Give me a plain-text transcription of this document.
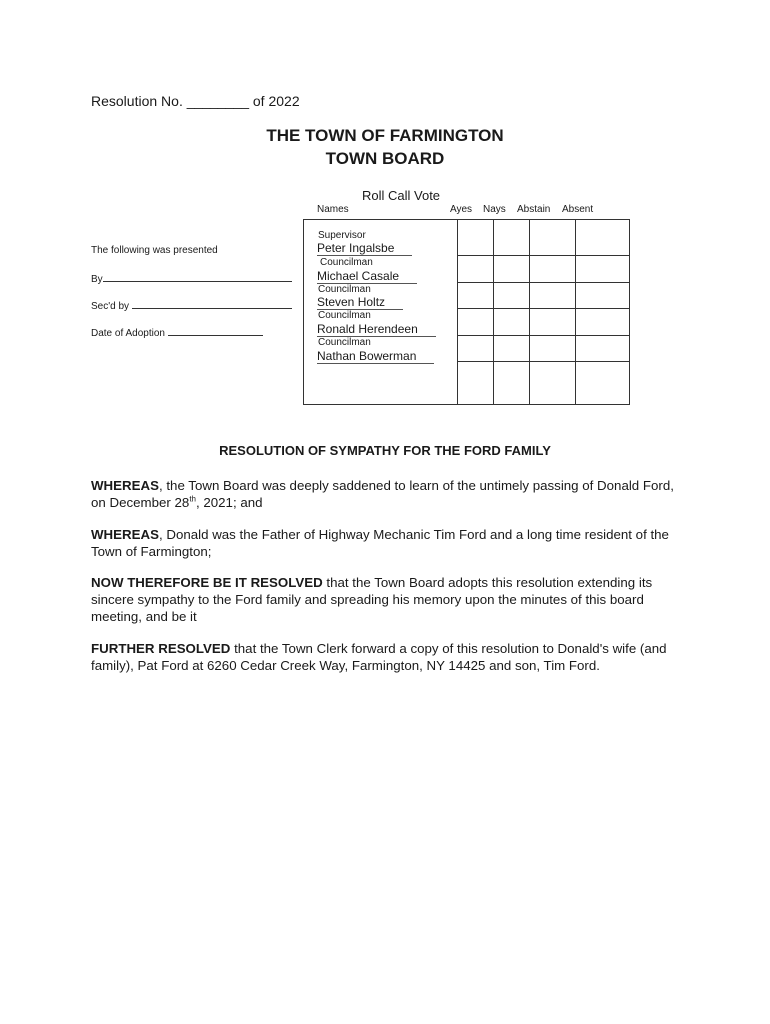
Resolution No. ________ of 2022
THE TOWN OF FARMINGTON
TOWN BOARD
Roll Call Vote
Names	Ayes Nays Abstain Absent
Supervisor
Peter Ingalsbe
Councilman
Michael Casale
Councilman
Steven Holtz
Councilman
Ronald Herendeen
Councilman
Nathan Bowerman
The following was presented
By
Sec'd by
Date of Adoption
RESOLUTION OF SYMPATHY FOR THE FORD FAMILY
WHEREAS, the Town Board was deeply saddened to learn of the untimely passing of Donald Ford, on December 28th, 2021; and
WHEREAS, Donald was the Father of Highway Mechanic Tim Ford and a long time resident of the Town of Farmington;
NOW THEREFORE BE IT RESOLVED that the Town Board adopts this resolution extending its sincere sympathy to the Ford family and spreading his memory upon the minutes of this board meeting, and be it
FURTHER RESOLVED that the Town Clerk forward a copy of this resolution to Donald's wife (and family), Pat Ford at 6260 Cedar Creek Way, Farmington, NY 14425 and son, Tim Ford.
